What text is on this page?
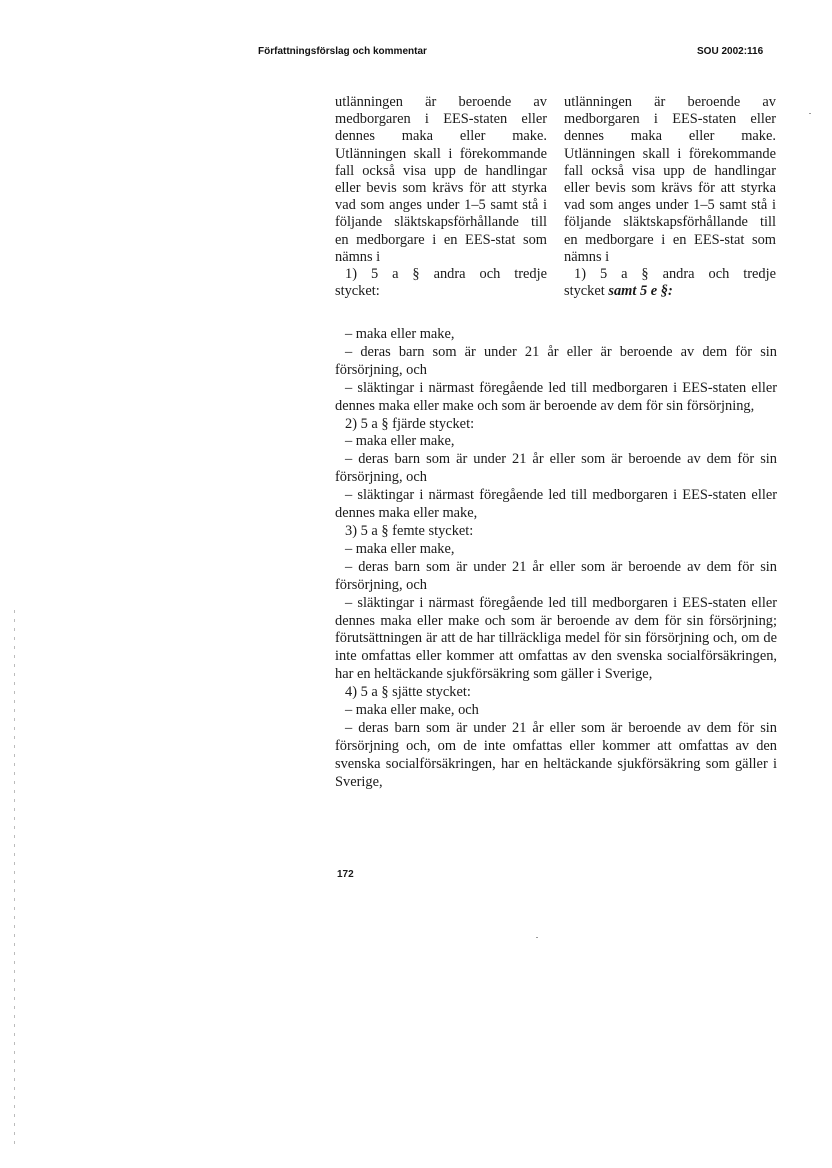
Författningsförslag och kommentar	SOU 2002:116

utlänningen är beroende av medborgaren i EES-staten eller dennes maka eller make. Utlänningen skall i förekommande fall också visa upp de handlingar eller bevis som krävs för att styrka vad som anges under 1–5 samt stå i följande släktskapsförhållande till en medborgare i en EES-stat som nämns i

1) 5 a § andra och tredje

stycket:

utlänningen är beroende av medborgaren i EES-staten eller dennes maka eller make. Utlänningen skall i förekommande fall också visa upp de handlingar eller bevis som krävs för att styrka vad som anges under 1–5 samt stå i följande släktskapsförhållande till en medborgare i en EES-stat som nämns i

1) 5 a § andra och tredje

stycket samt 5 e §:

– maka eller make,

– deras barn som är under 21 år eller är beroende av dem för sin försörjning, och

– släktingar i närmast föregående led till medborgaren i EES-staten eller dennes maka eller make och som är beroende av dem för sin försörjning,

2) 5 a § fjärde stycket:

– maka eller make,

– deras barn som är under 21 år eller som är beroende av dem för sin försörjning, och

– släktingar i närmast föregående led till medborgaren i EES-staten eller dennes maka eller make,

3) 5 a § femte stycket:

– maka eller make,

– deras barn som är under 21 år eller som är beroende av dem för sin försörjning, och

– släktingar i närmast föregående led till medborgaren i EES-staten eller dennes maka eller make och som är beroende av dem för sin försörjning; förutsättningen är att de har tillräckliga medel för sin försörjning och, om de inte omfattas eller kommer att omfattas av den svenska socialförsäkringen, har en heltäckande sjukförsäkring som gäller i Sverige,

4) 5 a § sjätte stycket:

– maka eller make, och

– deras barn som är under 21 år eller som är beroende av dem för sin försörjning och, om de inte omfattas eller kommer att omfattas av den svenska socialförsäkringen, har en heltäckande sjukförsäkring som gäller i Sverige,

172
